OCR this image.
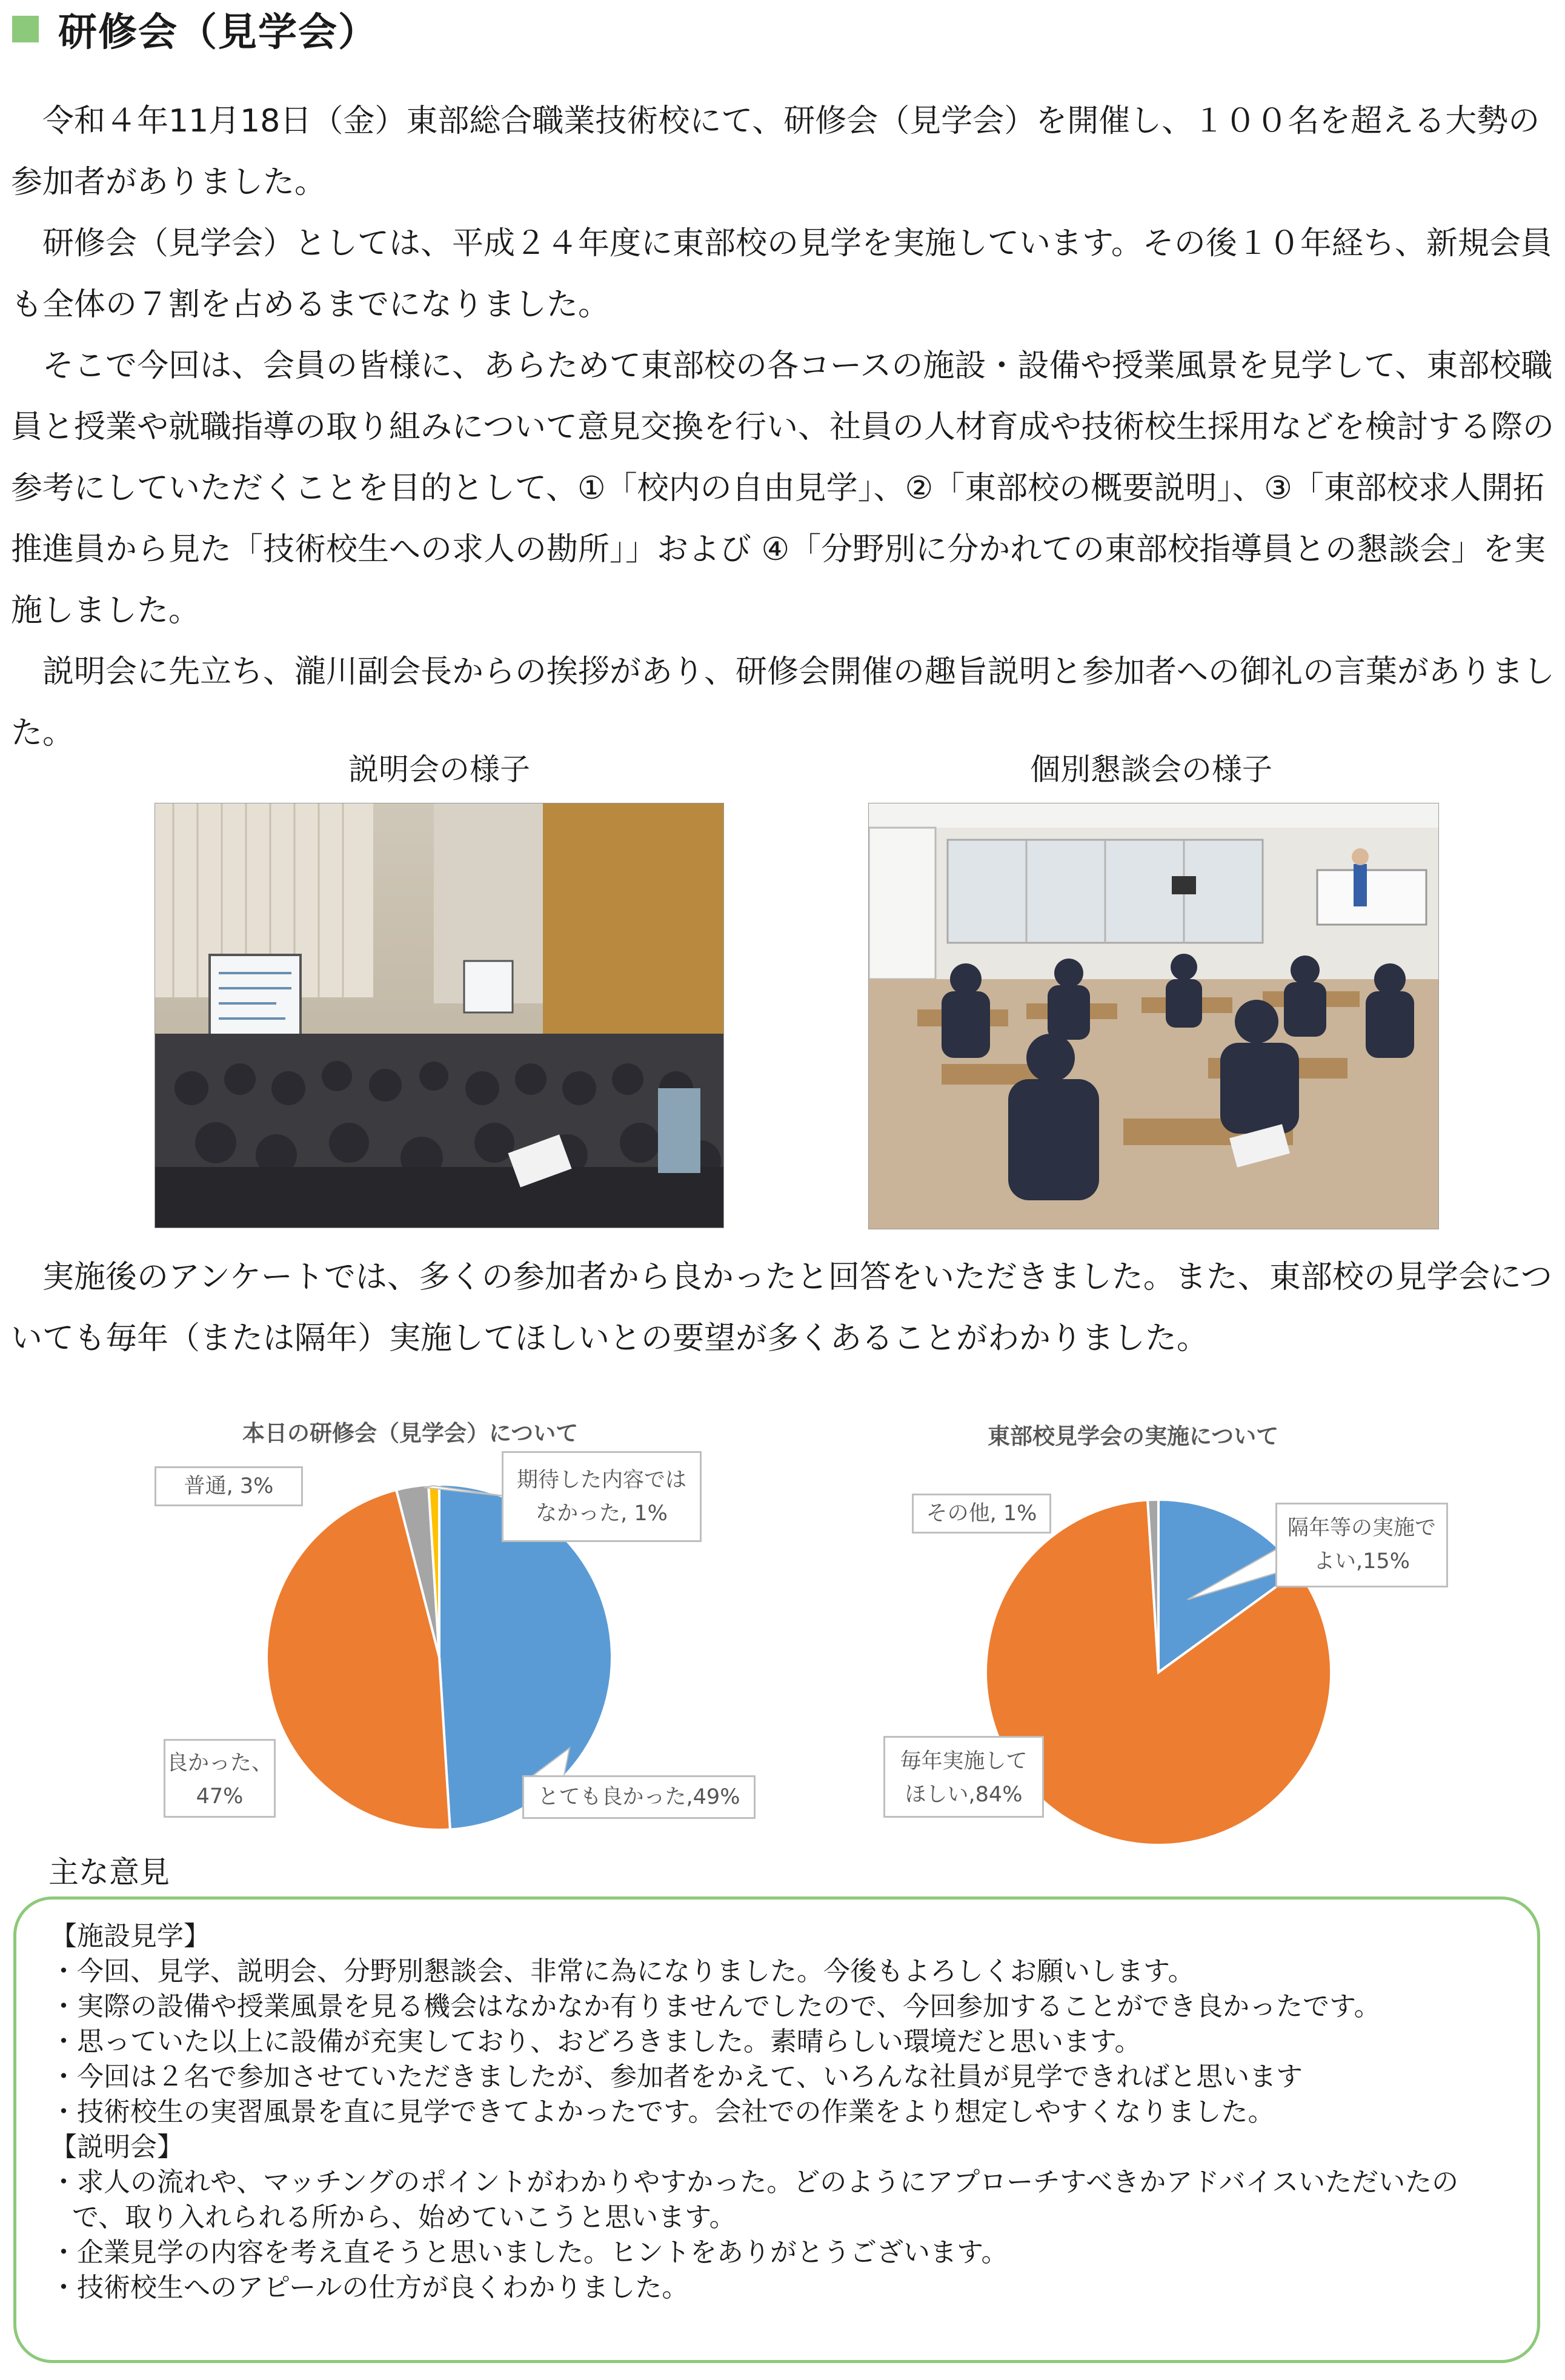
研修会（見学会）

令和４年11月18日（金）東部総合職業技術校にて、研修会（見学会）を開催し、１００名を超える大勢の参加者がありました。

研修会（見学会）としては、平成２４年度に東部校の見学を実施しています。その後１０年経ち、新規会員も全体の７割を占めるまでになりました。

そこで今回は、会員の皆様に、あらためて東部校の各コースの施設・設備や授業風景を見学して、東部校職員と授業や就職指導の取り組みについて意見交換を行い、社員の人材育成や技術校生採用などを検討する際の参考にしていただくことを目的として、①「校内の自由見学」、②「東部校の概要説明」、③「東部校求人開拓推進員から見た「技術校生への求人の勘所」」および ④「分野別に分かれての東部校指導員との懇談会」を実施しました。

説明会に先立ち、瀧川副会長からの挨拶があり、研修会開催の趣旨説明と参加者への御礼の言葉がありました。

説明会の様子	個別懇談会の様子

実施後のアンケートでは、多くの参加者から良かったと回答をいただきました。また、東部校の見学会についても毎年（または隔年）実施してほしいとの要望が多くあることがわかりました。

本日の研修会（見学会）について
期待した内容では
なかった, 1%
普通, 3%
良かった、
47%	とても良かった,49%
東部校見学会の実施について
その他, 1%
隔年等の実施で
よい,15%
毎年実施して
ほしい,84%
主な意見

【施設見学】

・ 今回、見学、説明会、分野別懇談会、非常に為になりました。今後もよろしくお願いします。

・ 実際の設備や授業風景を見る機会はなかなか有りませんでしたので、今回参加することができ良かったです。

・ 思っていた以上に設備が充実しており、おどろきました。素晴らしい環境だと思います。

・ 今回は２名で参加させていただきましたが、参加者をかえて、いろんな社員が見学できればと思います

・ 技術校生の実習風景を直に見学できてよかったです。会社での作業をより想定しやすくなりました。

【説明会】

・ 求人の流れや、マッチングのポイントがわかりやすかった。どのようにアプローチすべきかアドバイスいただいたので、取り入れられる所から、始めていこうと思います。

・ 企業見学の内容を考え直そうと思いました。ヒントをありがとうございます。

・ 技術校生へのアピールの仕方が良くわかりました。
